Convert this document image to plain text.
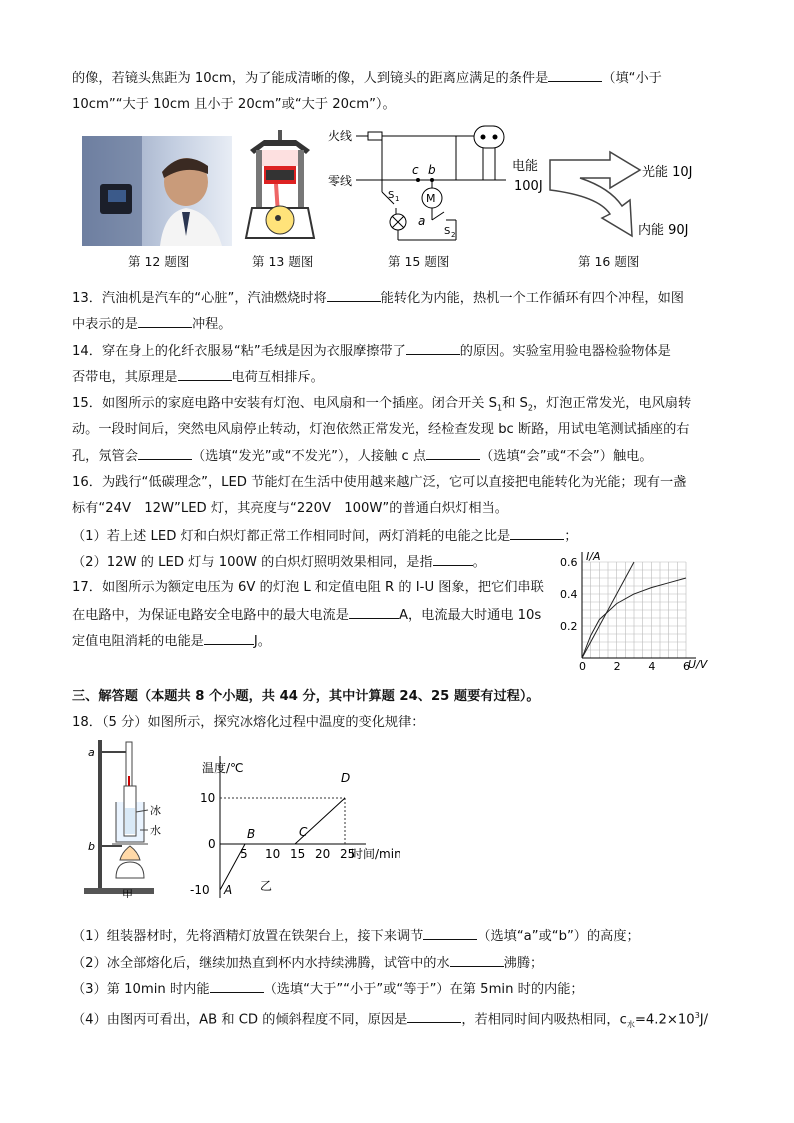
的像，若镜头焦距为 10cm，为了能成清晰的像，人到镜头的距离应满足的条件是	（填“小于
10cm”“大于 10cm 且小于 20cm”或“大于 20cm”）。
第 12 题图	第 13 题图
火线
零线
S 1
c b
M
a
S 2
第 15 题图
电能
100J
光能 10J
内能 90J
第 16 题图
13．汽油机是汽车的“心脏”，汽油燃烧时将	能转化为内能，热机一个工作循环有四个冲程，如图
中表示的是	冲程。
14．穿在身上的化纤衣服易“粘”毛绒是因为衣服摩擦带了	的原因。实验室用验电器检验物体是
否带电，其原理是	电荷互相排斥。
15．如图所示的家庭电路中安装有灯泡、电风扇和一个插座。闭合开关 $S_1$和 $S_2$，灯泡正常发光，电风扇转
动。一段时间后，突然电风扇停止转动，灯泡依然正常发光，经检查发现 bc 断路，用试电笔测试插座的右
孔，氖管会	（选填“发光”或“不发光”），人接触 c 点	（选填“会”或“不会”）触电。
16．为践行“低碳理念”，LED 节能灯在生活中使用越来越广泛，它可以直接把电能转化为光能；现有一盏
标有“24V　12W”LED 灯，其亮度与“220V　100W”的普通白炽灯相当。
（1）若上述 LED 灯和白炽灯都正常工作相同时间，两灯消耗的电能之比是	；
（2）12W 的 LED 灯与 100W 的白炽灯照明效果相同，是指	。
17．如图所示为额定电压为 6V 的灯泡 L 和定值电阻 R 的 I-U 图象，把它们串联
在电路中，为保证电路安全电路中的最大电流是	A，电流最大时通电 10s
定值电阻消耗的电能是	J。
I/A
U/V
0	2	4	6
0.2
0.4
0.6
三、解答题（本题共 8 个小题，共 44 分，其中计算题 24、25 题要有过程）。
18．（5 分）如图所示，探究冰熔化过程中温度的变化规律：
a
b
冰
水
甲
温度/℃
时间/min
5 10 15 20 25
10
0
-10 A
B	C
D
乙
（1）组装器材时，先将酒精灯放置在铁架台上，接下来调节	（选填“a”或“b”）的高度；
（2）冰全部熔化后，继续加热直到杯内水持续沸腾，试管中的水	沸腾；
（3）第 10min 时内能	（选填“大于”“小于”或“等于”）在第 5min 时的内能；
（4）由图丙可看出，AB 和 CD 的倾斜程度不同，原因是	，若相同时间内吸热相同，$c_水=4.2\times 10^3J/$
